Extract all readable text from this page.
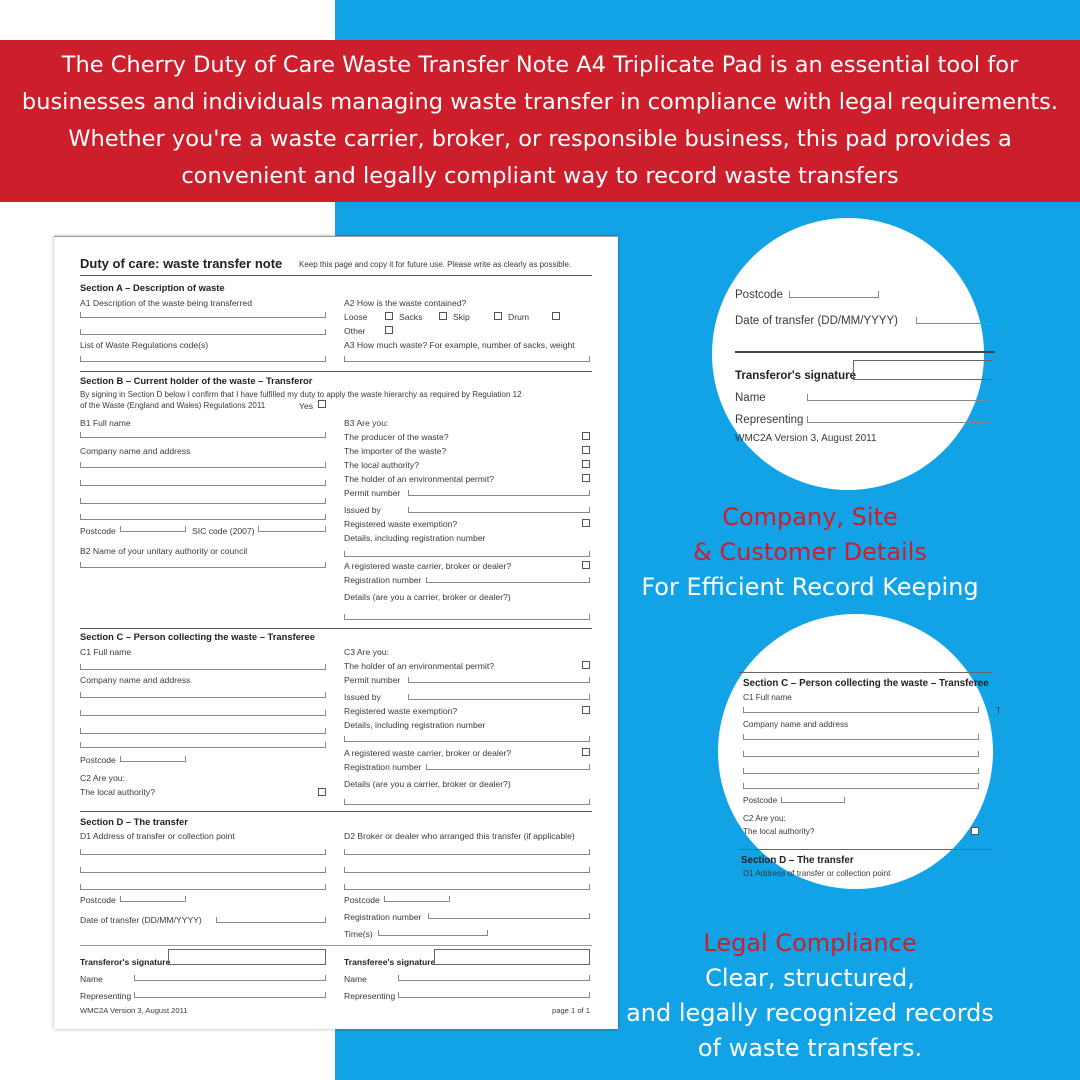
The Cherry Duty of Care Waste Transfer Note A4 Triplicate Pad is an essential tool for businesses and individuals managing waste transfer in compliance with legal requirements. Whether you're a waste carrier, broker, or responsible business, this pad provides a convenient and legally compliant way to record waste transfers

Duty of care: waste transfer note Keep this page and copy it for future use. Please write as clearly as possible.
Section A – Description of waste
A1 Description of the waste being transferred
List of Waste Regulations code(s)
A2 How is the waste contained?
Loose	Sacks	Skip	Drum
Other
A3 How much waste? For example, number of sacks, weight
Section B – Current holder of the waste – Transferor
By signing in Section D below I confirm that I have fulfilled my duty to apply the waste hierarchy as required by Regulation 12
of the Waste (England and Wales) Regulations 2011	Yes
B1 Full name
Company name and address
Postcode	SIC code (2007)
B2 Name of your unitary authority or council
B3 Are you:
The producer of the waste?
The importer of the waste?
The local authority?
The holder of an environmental permit?
Permit number
Issued by
Registered waste exemption?
Details, including registration number
A registered waste carrier, broker or dealer?
Registration number
Details (are you a carrier, broker or dealer?)
Section C – Person collecting the waste – Transferee
C1 Full name
Company name and address
Postcode
C2 Are you:
The local authority?
C3 Are you:
The holder of an environmental permit?
Permit number
Issued by
Registered waste exemption?
Details, including registration number
A registered waste carrier, broker or dealer?
Registration number
Details (are you a carrier, broker or dealer?)
Section D – The transfer
D1 Address of transfer or collection point
Postcode
Date of transfer (DD/MM/YYYY)
D2 Broker or dealer who arranged this transfer (if applicable)
Postcode
Registration number
Time(s)
Transferor's signature
Name
Representing
Transferee's signature
Name
Representing
WMC2A Version 3, August 2011	page 1 of 1
Postcode
Date of transfer (DD/MM/YYYY)
Transferor's signature
Name
Representing
WMC2A Version 3, August 2011
Section C – Person collecting the waste – Transferee
C1 Full name
Company name and address
Postcode
C2 Are you:
The local authority?
Section D – The transfer
D1 Address of transfer or collection point
T
Company, Site
& Customer Details
For Efficient Record Keeping
Legal Compliance
Clear, structured,
and legally recognized records
of waste transfers.
